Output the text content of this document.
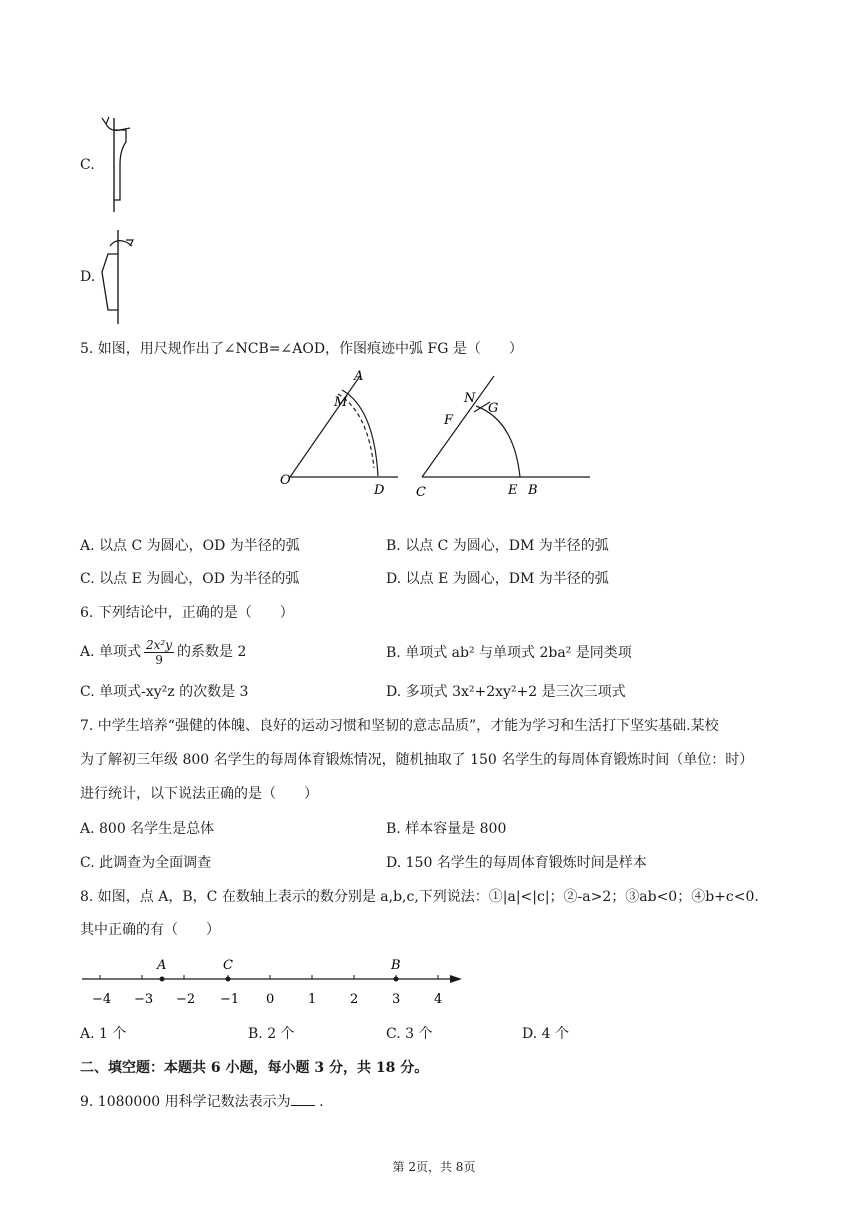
C.
D.
5. 如图，用尺规作出了∠NCB=∠AOD，作图痕迹中弧 FG 是（　　）
A
M
O
D
N
G
F
C	E B
A. 以点 C 为圆心，OD 为半径的弧	B. 以点 C 为圆心，DM 为半径的弧
C. 以点 E 为圆心，OD 为半径的弧	D. 以点 E 为圆心，DM 为半径的弧
6. 下列结论中，正确的是（　　）
A. 单项式 $\frac{\text{2x²y}}{9}$ 的系数是 2	B. 单项式 ab² 与单项式 2ba² 是同类项
C. 单项式-xy²z 的次数是 3	D. 多项式 3x²+2xy²+2 是三次三项式
7. 中学生培养“强健的体魄、良好的运动习惯和坚韧的意志品质”，才能为学习和生活打下坚实基础.某校
为了解初三年级 800 名学生的每周体育锻炼情况，随机抽取了 150 名学生的每周体育锻炼时间（单位：时）
进行统计，以下说法正确的是（　　）
A. 800 名学生是总体	B. 样本容量是 800
C. 此调查为全面调查	D. 150 名学生的每周体育锻炼时间是样本
8. 如图，点 A，B，C 在数轴上表示的数分别是 a,b,c,下列说法：①|a|<|c|；②-a>2；③ab<0；④b+c<0.
其中正确的有（　　）
−4 −3 −2 −1 0	1	2	3	4
A	C	B
A. 1 个	B. 2 个	C. 3 个	D. 4 个
二、填空题：本题共 6 小题，每小题 3 分，共 18 分。
9. 1080000 用科学记数法表示为 .
第 2页，共 8页
